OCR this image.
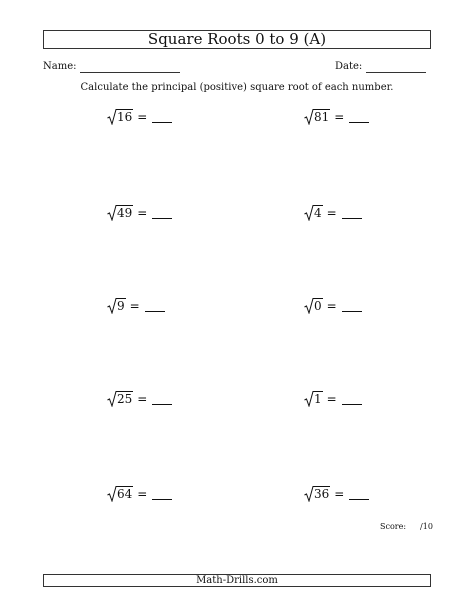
Square Roots 0 to 9 (A)
Name:	Date:
Calculate the principal (positive) square root of each number.
16 =	81 =
49 =	4 =
9 =	0 =
25 =	1 =
64 =	36 =
Score: /10
Math-Drills.com
